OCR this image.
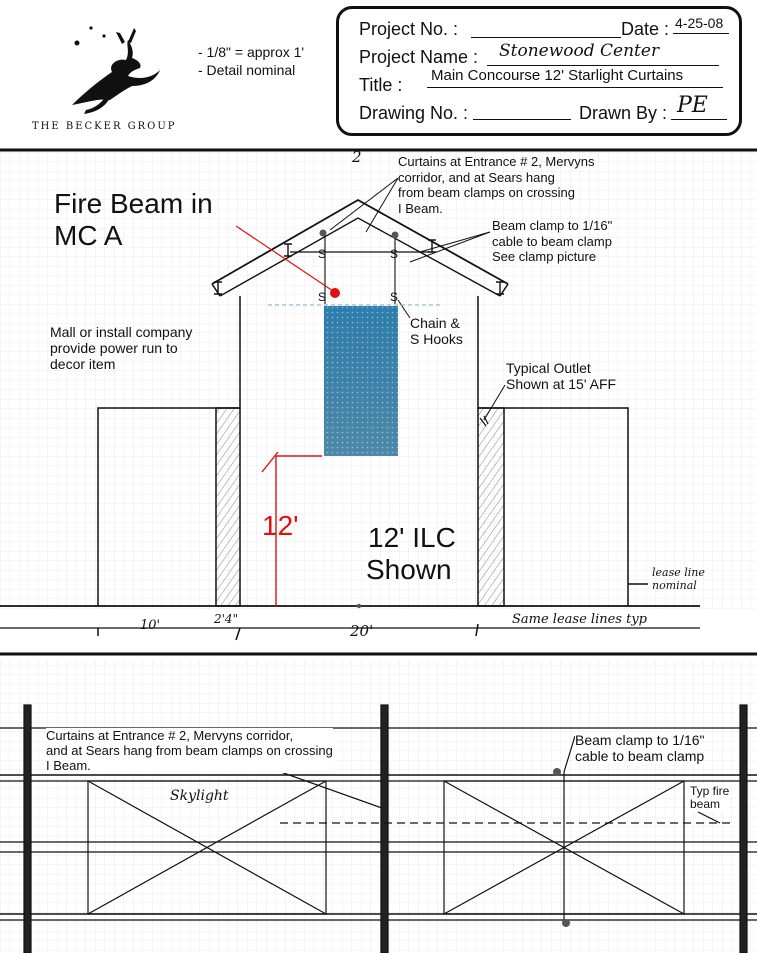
THE BECKER GROUP
- 1/8" = approx 1'
- Detail nominal
Project No. :	Date : 4-25-08
Project Name : Stonewood Center
Title : Main Concourse 12' Starlight Curtains
Drawing No. :	Drawn By : PE
2
Fire Beam in
MC A
Curtains at Entrance # 2, Mervyns
corridor, and at Sears hang
from beam clamps on crossing
I Beam.
Beam clamp to 1/16"
cable to beam clamp
See clamp picture
S	S
S	S
Chain &
S Hooks
Mall or install company
provide power run to
decor item	Typical Outlet
Shown at 15' AFF
12' 12' ILC
Shown	lease line
nominal
Same lease lines typ
10'	2'4"
20'
Curtains at Entrance # 2, Mervyns corridor,
and at Sears hang from beam clamps on crossing
I Beam.
Skylight
Beam clamp to 1/16"
cable to beam clamp
Typ fire
beam
